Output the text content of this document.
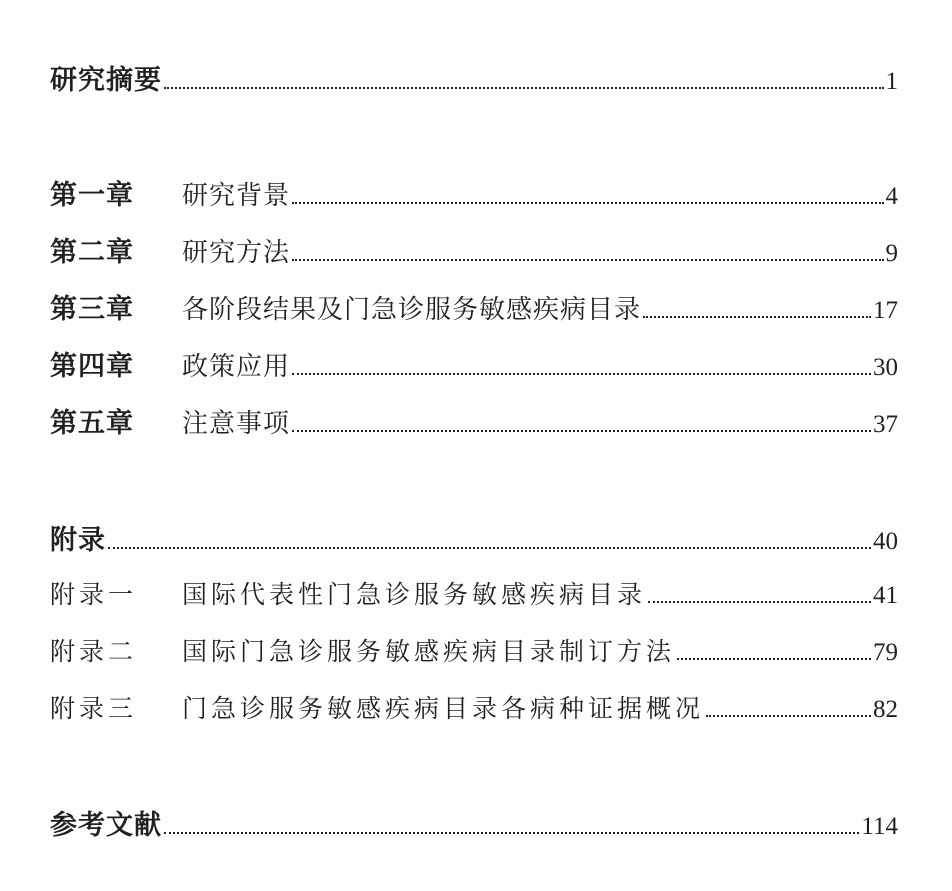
研究摘要	1
第一章	研究背景	4
第二章	研究方法	9
第三章	各阶段结果及门急诊服务敏感疾病目录	17
第四章	政策应用	30
第五章	注意事项	37
附录	40
附录一	国际代表性门急诊服务敏感疾病目录	41
附录二	国际门急诊服务敏感疾病目录制订方法	79
附录三	门急诊服务敏感疾病目录各病种证据概况	82
参考文献	114
